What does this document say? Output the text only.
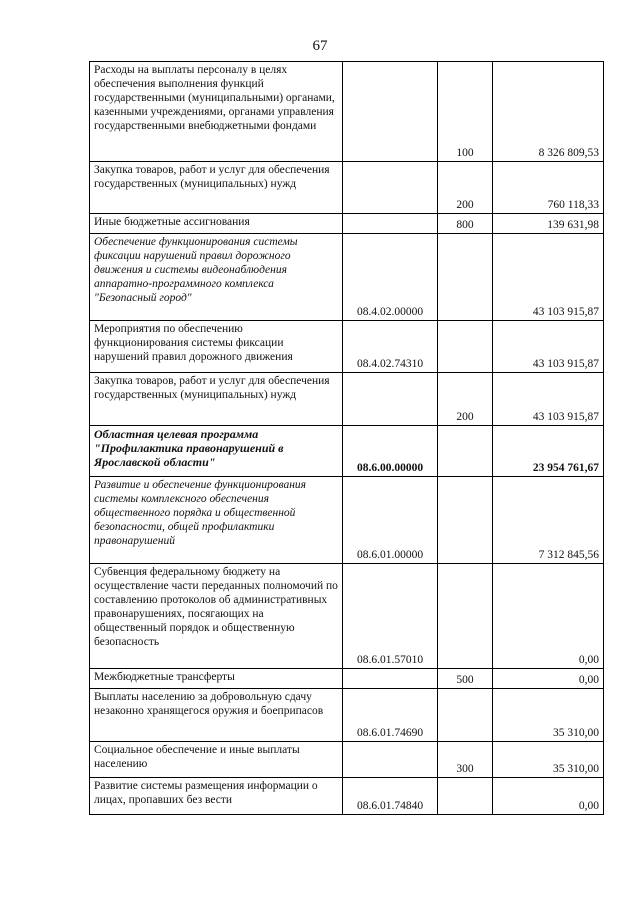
67
Расходы на выплаты персоналу в целях обеспечения выполнения функций государственными (муниципальными) органами, казенными учреждениями, органами управления государственными внебюджетными фондами		100	8 326 809,53
Закупка товаров, работ и услуг для обеспечения государственных (муниципальных) нужд		200	760 118,33
Иные бюджетные ассигнования		800	139 631,98
Обеспечение функционирования системы фиксации нарушений правил дорожного движения и системы видеонаблюдения аппаратно-программного комплекса "Безопасный город"	08.4.02.00000		43 103 915,87
Мероприятия по обеспечению функционирования системы фиксации нарушений правил дорожного движения	08.4.02.74310		43 103 915,87
Закупка товаров, работ и услуг для обеспечения государственных (муниципальных) нужд		200	43 103 915,87
Областная целевая программа "Профилактика правонарушений в Ярославской области"	08.6.00.00000		23 954 761,67
Развитие и обеспечение функционирования системы комплексного обеспечения общественного порядка и общественной безопасности, общей профилактики правонарушений	08.6.01.00000		7 312 845,56
Субвенция федеральному бюджету на осуществление части переданных полномочий по составлению протоколов об административных правонарушениях, посягающих на общественный порядок и общественную безопасность	08.6.01.57010		0,00
Межбюджетные трансферты		500	0,00
Выплаты населению за добровольную сдачу незаконно хранящегося оружия и боеприпасов	08.6.01.74690		35 310,00
Социальное обеспечение и иные выплаты населению		300	35 310,00
Развитие системы размещения информации о лицах, пропавших без вести	08.6.01.74840		0,00
